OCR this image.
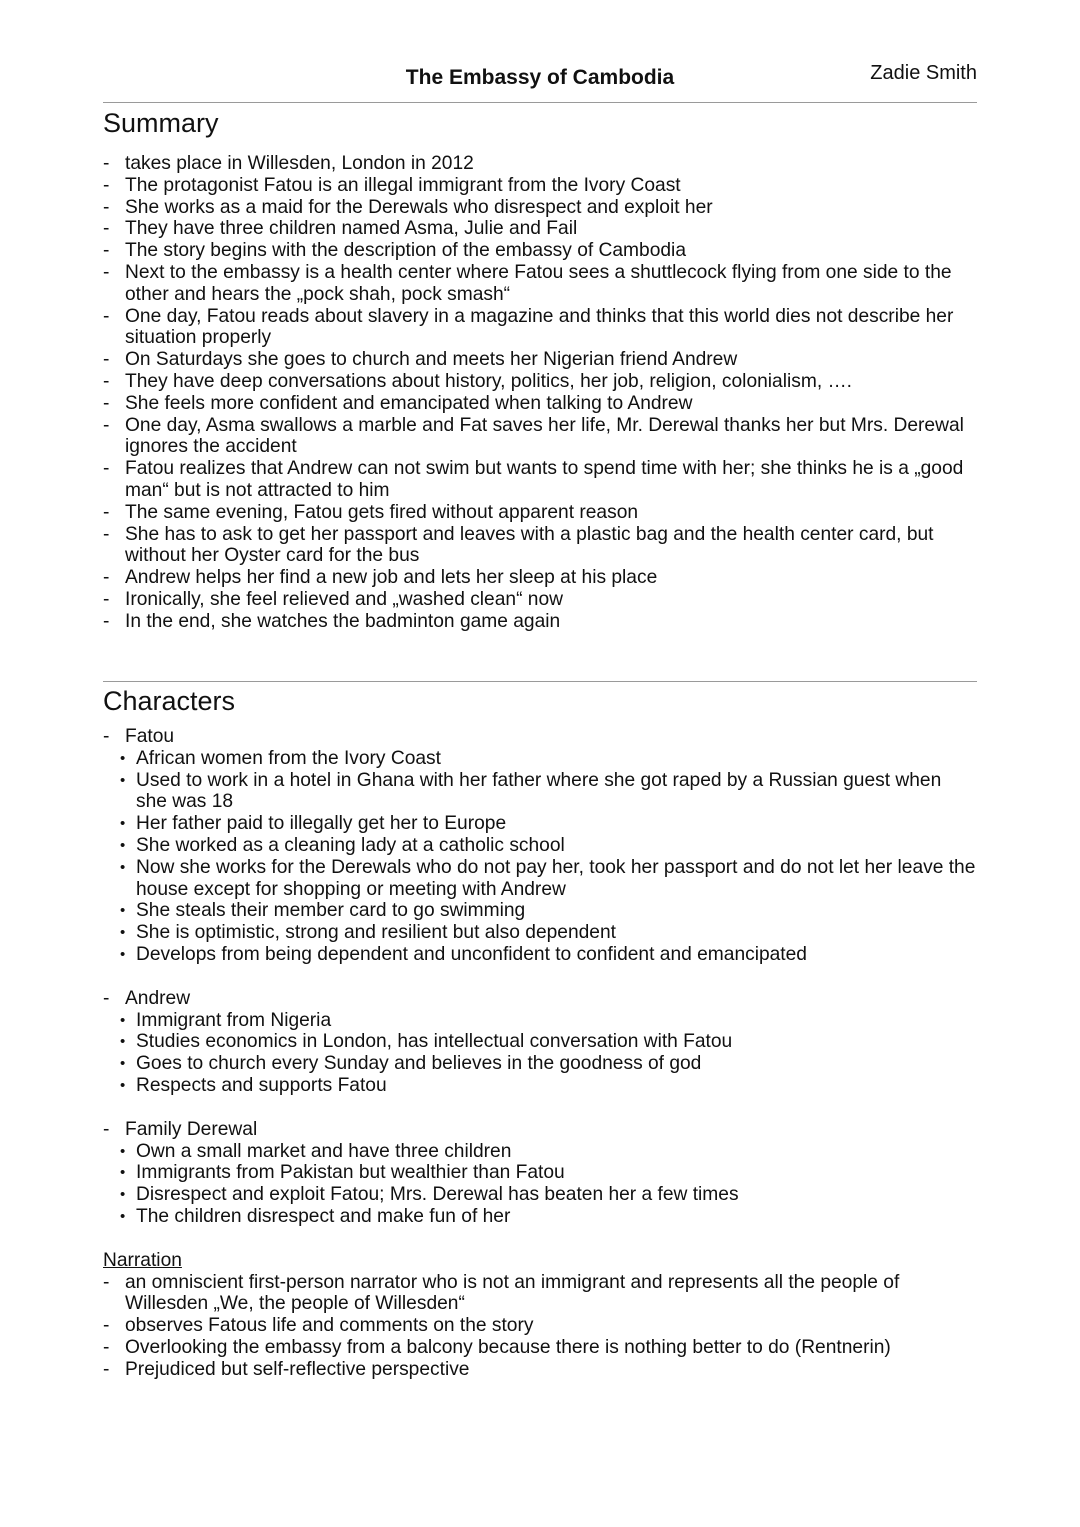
The Embassy of Cambodia	Zadie Smith
Summary
- takes place in Willesden, London in 2012
- The protagonist Fatou is an illegal immigrant from the Ivory Coast
- She works as a maid for the Derewals who disrespect and exploit her
- They have three children named Asma, Julie and Fail
- The story begins with the description of the embassy of Cambodia
- Next to the embassy is a health center where Fatou sees a shuttlecock flying from one side to the other and hears the „pock shah, pock smash“
- One day, Fatou reads about slavery in a magazine and thinks that this world dies not describe her situation properly
- On Saturdays she goes to church and meets her Nigerian friend Andrew
- They have deep conversations about history, politics, her job, religion, colonialism, ….
- She feels more confident and emancipated when talking to Andrew
- One day, Asma swallows a marble and Fat saves her life, Mr. Derewal thanks her but Mrs. Derewal ignores the accident
- Fatou realizes that Andrew can not swim but wants to spend time with her; she thinks he is a „good man“ but is not attracted to him
- The same evening, Fatou gets fired without apparent reason
- She has to ask to get her passport and leaves with a plastic bag and the health center card, but without her Oyster card for the bus
- Andrew helps her find a new job and lets her sleep at his place
- Ironically, she feel relieved and „washed clean“ now
- In the end, she watches the badminton game again
Characters
- Fatou
• African women from the Ivory Coast
• Used to work in a hotel in Ghana with her father where she got raped by a Russian guest when she was 18
• Her father paid to illegally get her to Europe
• She worked as a cleaning lady at a catholic school
• Now she works for the Derewals who do not pay her, took her passport and do not let her leave the house except for shopping or meeting with Andrew
• She steals their member card to go swimming
• She is optimistic, strong and resilient but also dependent
• Develops from being dependent and unconfident to confident and emancipated
- Andrew
• Immigrant from Nigeria
• Studies economics in London, has intellectual conversation with Fatou
• Goes to church every Sunday and believes in the goodness of god
• Respects and supports Fatou
- Family Derewal
• Own a small market and have three children
• Immigrants from Pakistan but wealthier than Fatou
• Disrespect and exploit Fatou; Mrs. Derewal has beaten her a few times
• The children disrespect and make fun of her
Narration
- an omniscient first-person narrator who is not an immigrant and represents all the people of Willesden „We, the people of Willesden“
- observes Fatous life and comments on the story
- Overlooking the embassy from a balcony because there is nothing better to do (Rentnerin)
- Prejudiced but self-reflective perspective
